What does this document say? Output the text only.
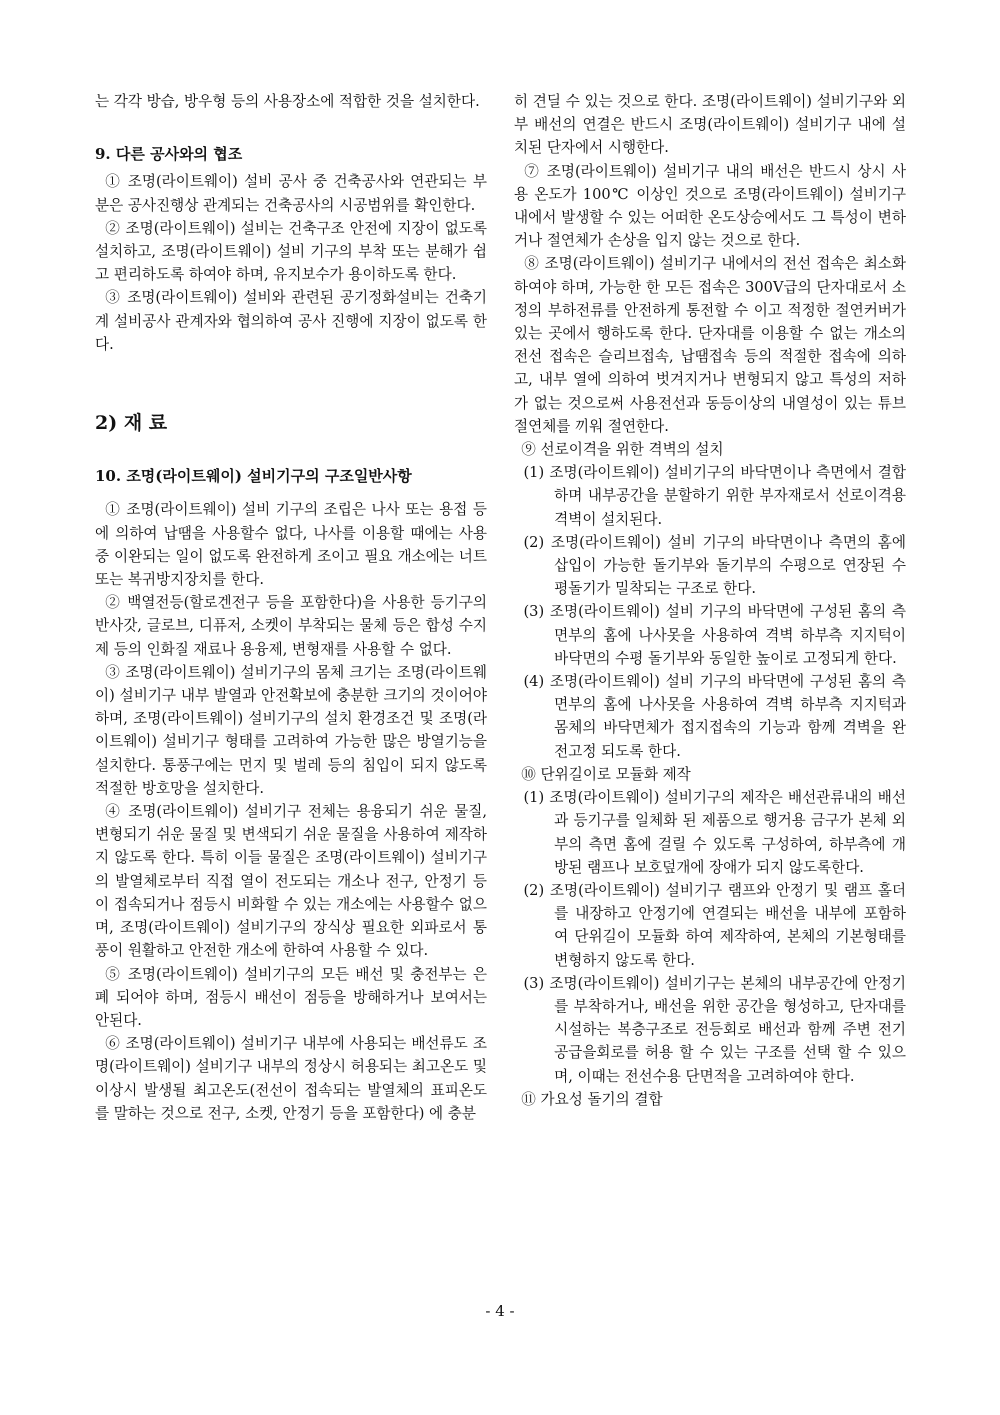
는 각각 방습, 방우형 등의 사용장소에 적합한 것을 설치한다.

9. 다른 공사와의 협조

① 조명(라이트웨이) 설비 공사 중 건축공사와 연관되는 부분은 공사진행상 관계되는 건축공사의 시공범위를 확인한다.

② 조명(라이트웨이) 설비는 건축구조 안전에 지장이 없도록 설치하고, 조명(라이트웨이) 설비 기구의 부착 또는 분해가 쉽고 편리하도록 하여야 하며, 유지보수가 용이하도록 한다.

③ 조명(라이트웨이) 설비와 관련된 공기정화설비는 건축기계 설비공사 관계자와 협의하여 공사 진행에 지장이 없도록 한다.

2) 재 료

10. 조명(라이트웨이) 설비기구의 구조일반사항

① 조명(라이트웨이) 설비 기구의 조립은 나사 또는 용접 등에 의하여 납땜을 사용할수 없다, 나사를 이용할 때에는 사용 중 이완되는 일이 없도록 완전하게 조이고 필요 개소에는 너트 또는 복귀방지장치를 한다.

② 백열전등(할로겐전구 등을 포함한다)을 사용한 등기구의 반사갓, 글로브, 디퓨저, 소켓이 부착되는 물체 등은 합성 수지제 등의 인화질 재료나 용융제, 변형재를 사용할 수 없다.

③ 조명(라이트웨이) 설비기구의 몸체 크기는 조명(라이트웨이) 설비기구 내부 발열과 안전확보에 충분한 크기의 것이어야 하며, 조명(라이트웨이) 설비기구의 설치 환경조건 및 조명(라이트웨이) 설비기구 형태를 고려하여 가능한 많은 방열기능을 설치한다. 통풍구에는 먼지 및 벌레 등의 침입이 되지 않도록 적절한 방호망을 설치한다.

④ 조명(라이트웨이) 설비기구 전체는 용융되기 쉬운 물질, 변형되기 쉬운 물질 및 변색되기 쉬운 물질을 사용하여 제작하지 않도록 한다. 특히 이들 물질은 조명(라이트웨이) 설비기구의 발열체로부터 직접 열이 전도되는 개소나 전구, 안정기 등이 접속되거나 점등시 비화할 수 있는 개소에는 사용할수 없으며, 조명(라이트웨이) 설비기구의 장식상 필요한 외파로서 통풍이 원활하고 안전한 개소에 한하여 사용할 수 있다.

⑤ 조명(라이트웨이) 설비기구의 모든 배선 및 충전부는 은폐 되어야 하며, 점등시 배선이 점등을 방해하거나 보여서는 안된다.

⑥ 조명(라이트웨이) 설비기구 내부에 사용되는 배선류도 조명(라이트웨이) 설비기구 내부의 정상시 허용되는 최고온도 및 이상시 발생될 최고온도(전선이 접속되는 발열체의 표피온도를 말하는 것으로 전구, 소켓, 안정기 등을 포함한다) 에 충분

히 견딜 수 있는 것으로 한다. 조명(라이트웨이) 설비기구와 외부 배선의 연결은 반드시 조명(라이트웨이) 설비기구 내에 설치된 단자에서 시행한다.

⑦ 조명(라이트웨이) 설비기구 내의 배선은 반드시 상시 사용 온도가 100℃ 이상인 것으로 조명(라이트웨이) 설비기구 내에서 발생할 수 있는 어떠한 온도상승에서도 그 특성이 변하거나 절연체가 손상을 입지 않는 것으로 한다.

⑧ 조명(라이트웨이) 설비기구 내에서의 전선 접속은 최소화 하여야 하며, 가능한 한 모든 접속은 300V급의 단자대로서 소정의 부하전류를 안전하게 통전할 수 이고 적정한 절연커버가 있는 곳에서 행하도록 한다. 단자대를 이용할 수 없는 개소의 전선 접속은 슬리브접속, 납땜접속 등의 적절한 접속에 의하고, 내부 열에 의하여 벗겨지거나 변형되지 않고 특성의 저하가 없는 것으로써 사용전선과 동등이상의 내열성이 있는 튜브 절연체를 끼워 절연한다.

⑨ 선로이격을 위한 격벽의 설치

(1) 조명(라이트웨이) 설비기구의 바닥면이나 측면에서 결합하며 내부공간을 분할하기 위한 부자재로서 선로이격용 격벽이 설치된다.

(2) 조명(라이트웨이) 설비 기구의 바닥면이나 측면의 홈에 삽입이 가능한 돌기부와 돌기부의 수평으로 연장된 수평돌기가 밀착되는 구조로 한다.

(3) 조명(라이트웨이) 설비 기구의 바닥면에 구성된 홈의 측면부의 홈에 나사못을 사용하여 격벽 하부측 지지턱이 바닥면의 수평 돌기부와 동일한 높이로 고정되게 한다.

(4) 조명(라이트웨이) 설비 기구의 바닥면에 구성된 홈의 측면부의 홈에 나사못을 사용하여 격벽 하부측 지지턱과 몸체의 바닥면체가 접지접속의 기능과 함께 격벽을 완전고정 되도록 한다.

⑩ 단위길이로 모듈화 제작

(1) 조명(라이트웨이) 설비기구의 제작은 배선관류내의 배선과 등기구를 일체화 된 제품으로 행거용 금구가 본체 외부의 측면 홈에 걸릴 수 있도록 구성하여, 하부측에 개방된 램프나 보호덮개에 장애가 되지 않도록한다.

(2) 조명(라이트웨이) 설비기구 램프와 안정기 및 램프 홀더를 내장하고 안정기에 연결되는 배선을 내부에 포함하여 단위길이 모듈화 하여 제작하여, 본체의 기본형태를 변형하지 않도록 한다.

(3) 조명(라이트웨이) 설비기구는 본체의 내부공간에 안정기를 부착하거나, 배선을 위한 공간을 형성하고, 단자대를 시설하는 복층구조로 전등회로 배선과 함께 주변 전기 공급을회로를 허용 할 수 있는 구조를 선택 할 수 있으며, 이때는 전선수용 단면적을 고려하여야 한다.

⑪ 가요성 돌기의 결합

- 4 -
